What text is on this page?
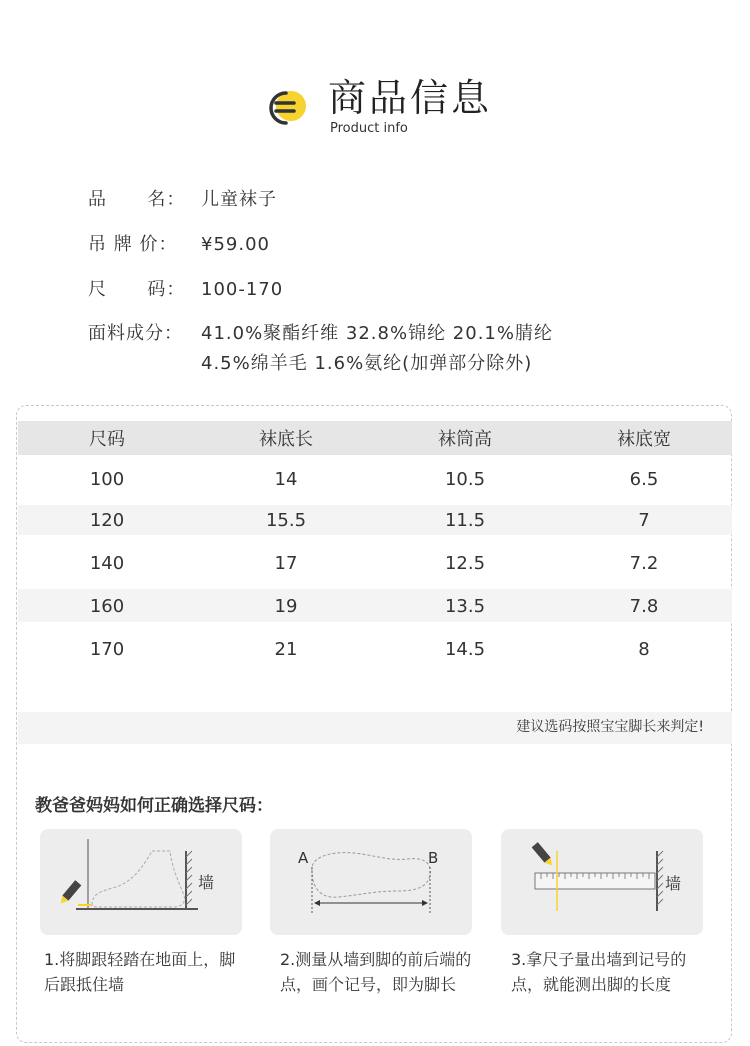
商品信息
Product info
品      名： 儿童袜子
吊 牌 价： ¥59.00
尺      码： 100-170
面料成分： 41.0%聚酯纤维 32.8%锦纶 20.1%腈纶
4.5%绵羊毛 1.6%氨纶(加弹部分除外)
尺码	袜底长	袜筒高	袜底宽
100	14	10.5	6.5
120	15.5	11.5	7
140	17	12.5	7.2
160	19	13.5	7.8
170	21	14.5	8
建议选码按照宝宝脚长来判定!
教爸爸妈妈如何正确选择尺码：
墙
A	B
墙
1.将脚跟轻踏在地面上，脚后跟抵住墙
2.测量从墙到脚的前后端的点，画个记号，即为脚长
3.拿尺子量出墙到记号的点，就能测出脚的长度
